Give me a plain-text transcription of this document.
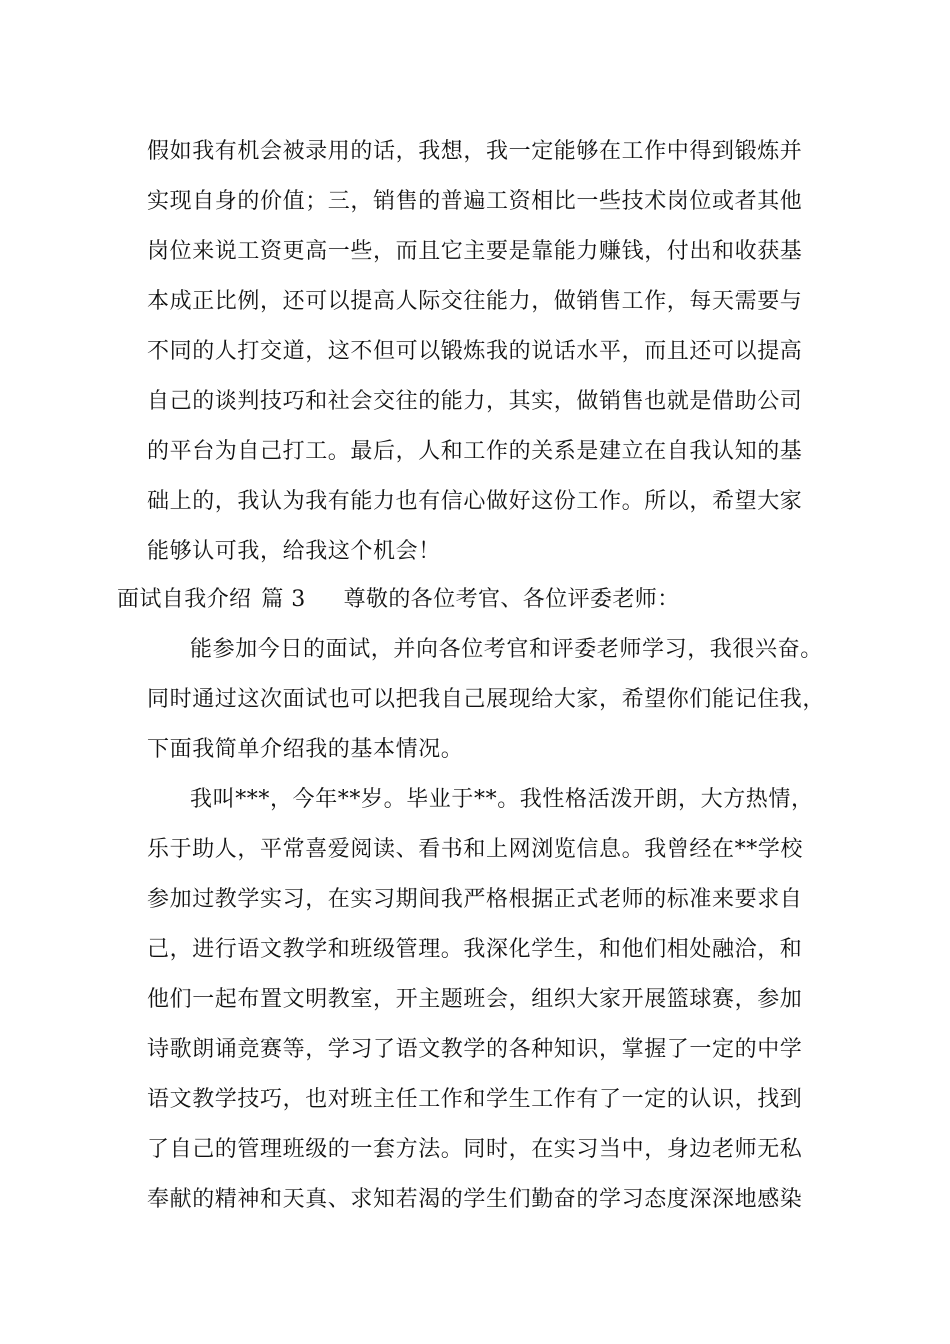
假如我有机会被录用的话，我想，我一定能够在工作中得到锻炼并
实现自身的价值；三，销售的普遍工资相比一些技术岗位或者其他
岗位来说工资更高一些，而且它主要是靠能力赚钱，付出和收获基
本成正比例，还可以提高人际交往能力，做销售工作，每天需要与
不同的人打交道，这不但可以锻炼我的说话水平，而且还可以提高
自己的谈判技巧和社会交往的能力，其实，做销售也就是借助公司
的平台为自己打工。最后，人和工作的关系是建立在自我认知的基
础上的，我认为我有能力也有信心做好这份工作。所以，希望大家
能够认可我，给我这个机会！
面试自我介绍 篇 3 尊敬的各位考官、各位评委老师：
能参加今日的面试，并向各位考官和评委老师学习，我很兴奋。
同时通过这次面试也可以把我自己展现给大家，希望你们能记住我，
下面我简单介绍我的基本情况。
我叫***，今年**岁。毕业于**。我性格活泼开朗，大方热情，
乐于助人，平常喜爱阅读、看书和上网浏览信息。我曾经在**学校
参加过教学实习，在实习期间我严格根据正式老师的标准来要求自
己，进行语文教学和班级管理。我深化学生，和他们相处融洽，和
他们一起布置文明教室，开主题班会，组织大家开展篮球赛，参加
诗歌朗诵竞赛等，学习了语文教学的各种知识，掌握了一定的中学
语文教学技巧，也对班主任工作和学生工作有了一定的认识，找到
了自己的管理班级的一套方法。同时，在实习当中，身边老师无私
奉献的精神和天真、求知若渴的学生们勤奋的学习态度深深地感染
